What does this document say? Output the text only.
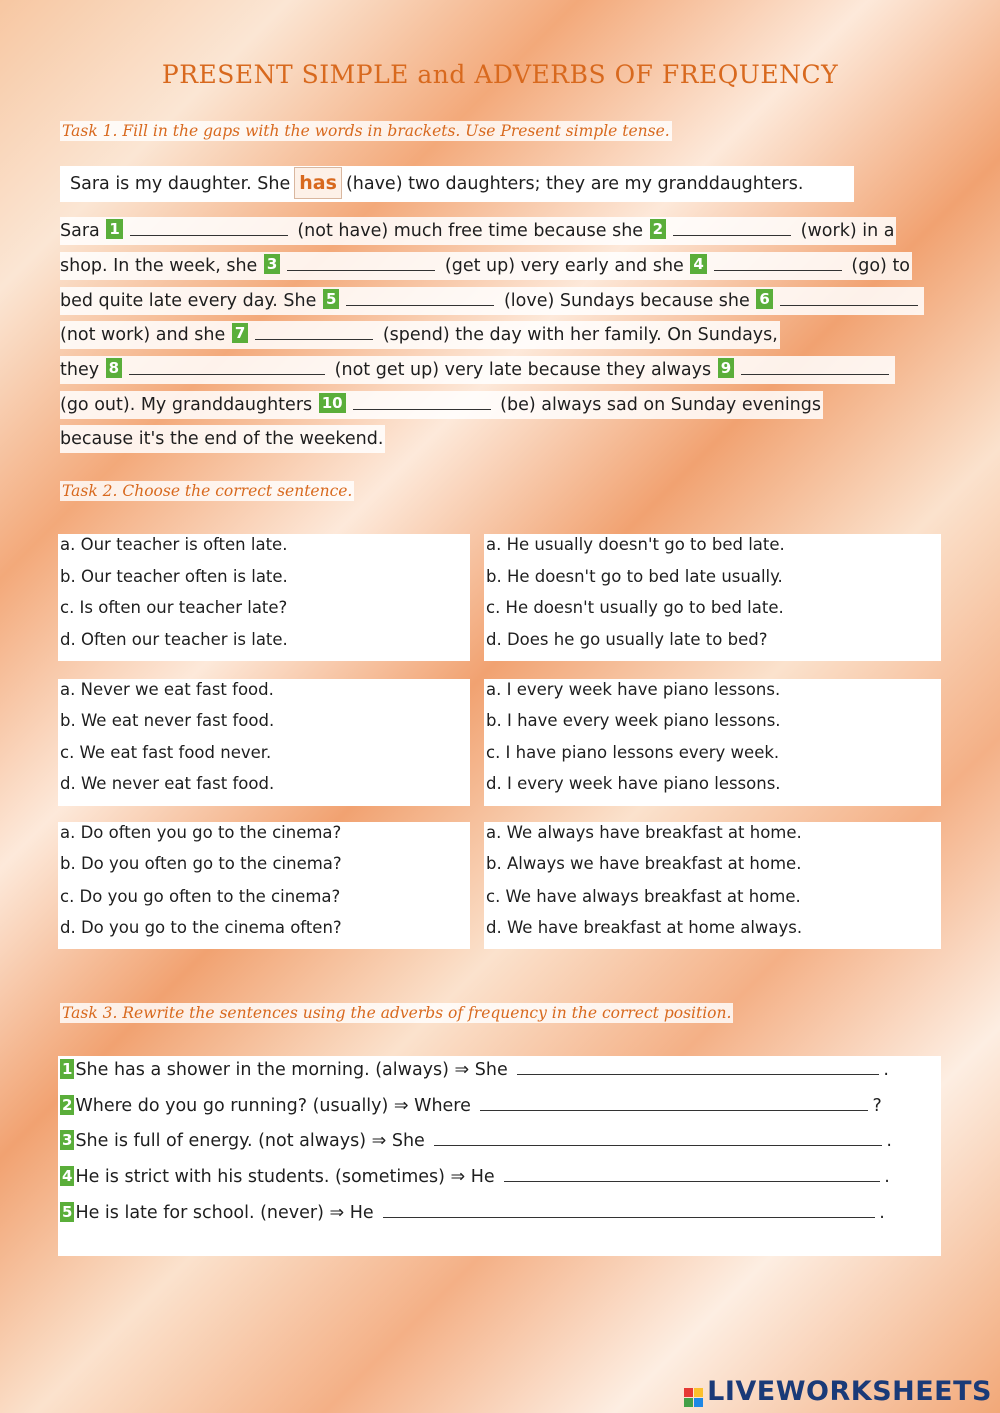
PRESENT SIMPLE and ADVERBS OF FREQUENCY
Task 1. Fill in the gaps with the words in brackets. Use Present simple tense.
Sara is my daughter. She has (have) two daughters; they are my granddaughters.
Sara 1	(not have) much free time because she 2	(work) in a
shop. In the week, she 3	(get up) very early and she 4	(go) to
bed quite late every day. She 5	(love) Sundays because she 6
(not work) and she 7	(spend) the day with her family. On Sundays,
they 8	(not get up) very late because they always 9
(go out). My granddaughters 10	(be) always sad on Sunday evenings
because it's the end of the weekend.
Task 2. Choose the correct sentence.
a. Our teacher is often late.
b. Our teacher often is late.
c. Is often our teacher late?
d. Often our teacher is late.
a. He usually doesn't go to bed late.
b. He doesn't go to bed late usually.
c. He doesn't usually go to bed late.
d. Does he go usually late to bed?
a. Never we eat fast food.
b. We eat never fast food.
c. We eat fast food never.
d. We never eat fast food.
a. I every week have piano lessons.
b. I have every week piano lessons.
c. I have piano lessons every week.
d. I every week have piano lessons.
a. Do often you go to the cinema?
b. Do you often go to the cinema?
c. Do you go often to the cinema?
d. Do you go to the cinema often?
a. We always have breakfast at home.
b. Always we have breakfast at home.
c. We have always breakfast at home.
d. We have breakfast at home always.
Task 3. Rewrite the sentences using the adverbs of frequency in the correct position.
1 She has a shower in the morning. (always) ⇒ She	.
2 Where do you go running? (usually) ⇒ Where	?
3 She is full of energy. (not always) ⇒ She	.
4 He is strict with his students. (sometimes) ⇒ He	.
5 He is late for school. (never) ⇒ He	.
LIVEWORKSHEETS
